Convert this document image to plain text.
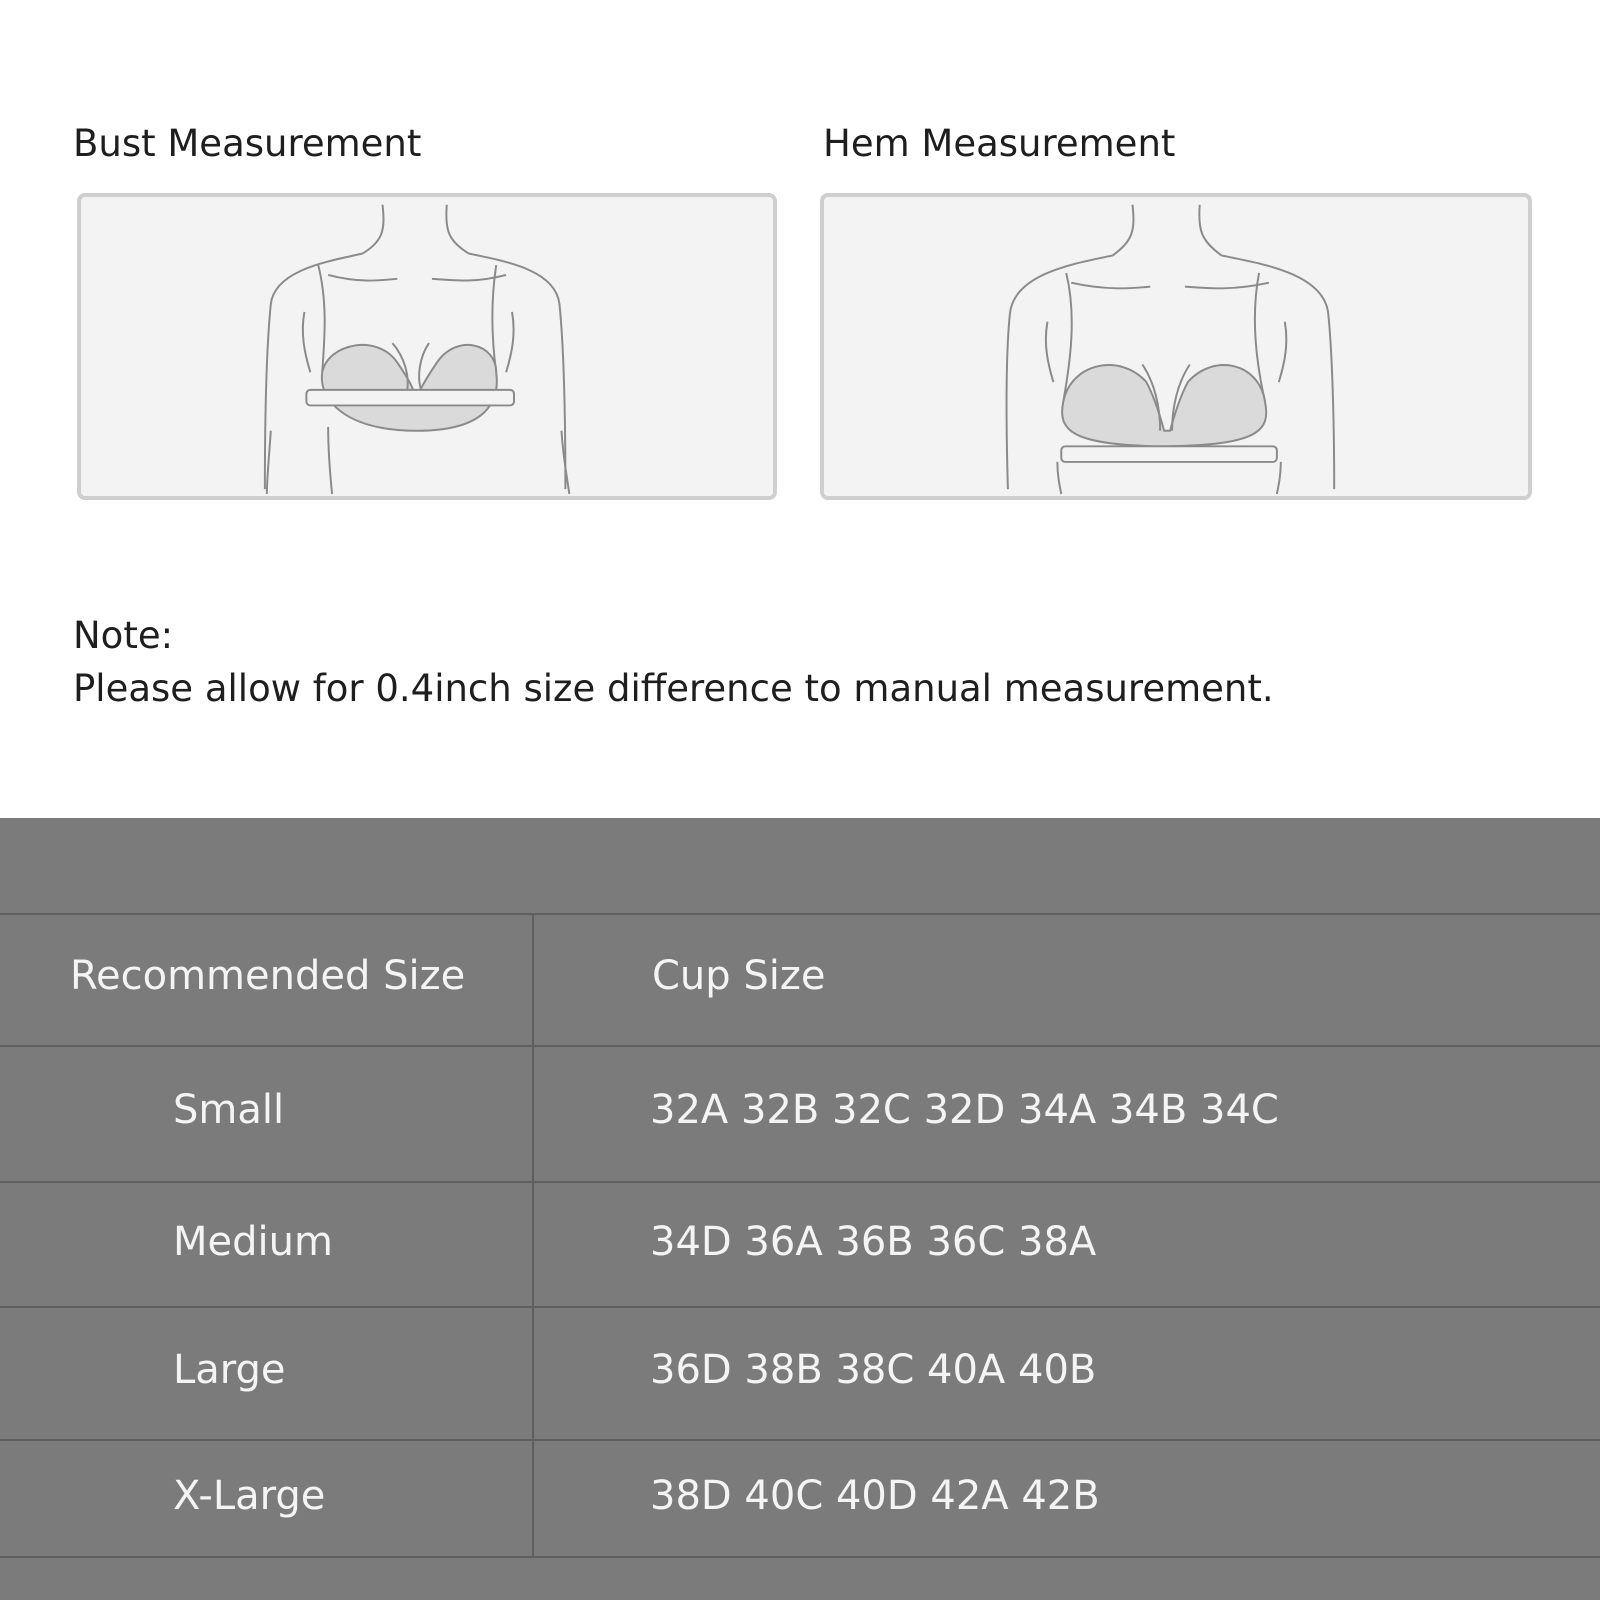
Bust Measurement	Hem Measurement
Note:
Please allow for 0.4inch size difference to manual measurement.
Recommended Size	Cup Size
Small	32A 32B 32C 32D 34A 34B 34C
Medium	34D 36A 36B 36C 38A
Large	36D 38B 38C 40A 40B
X-Large	38D 40C 40D 42A 42B
